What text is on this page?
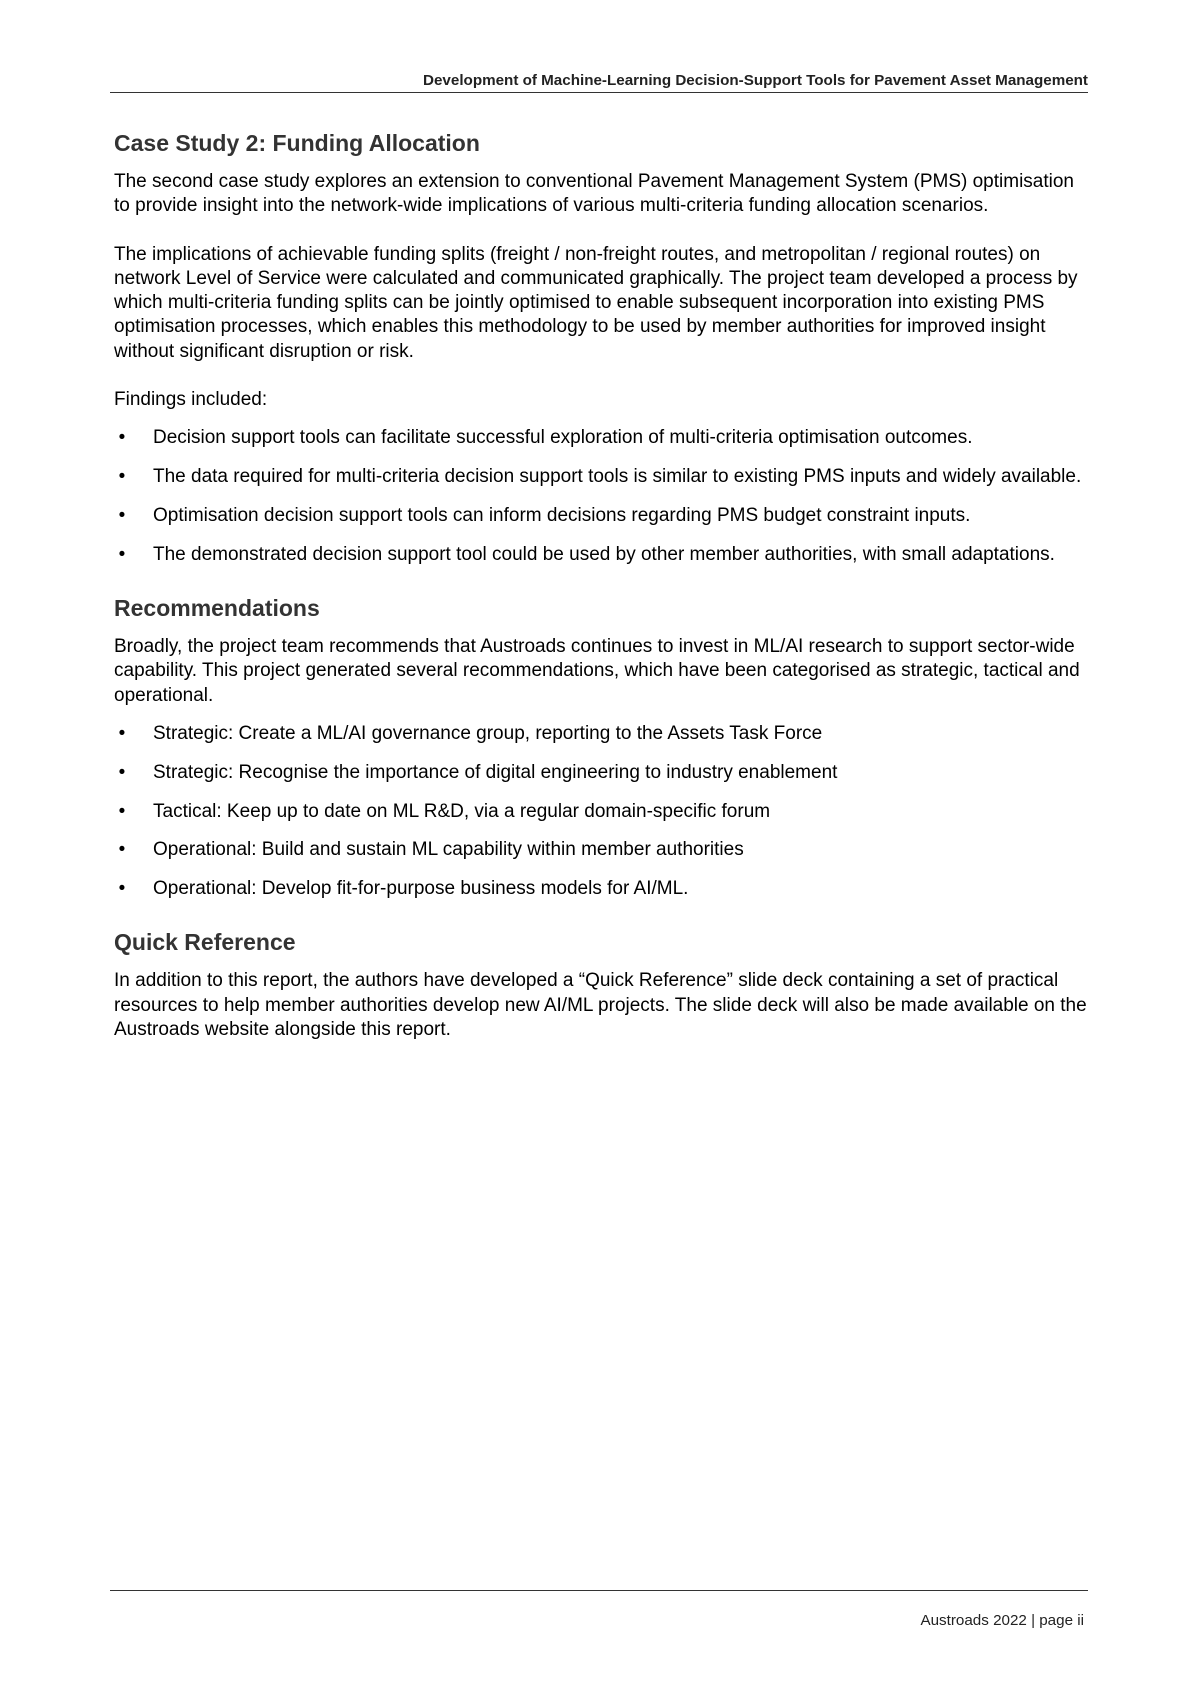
Development of Machine-Learning Decision-Support Tools for Pavement Asset Management
Case Study 2: Funding Allocation

The second case study explores an extension to conventional Pavement Management System (PMS) optimisation to provide insight into the network-wide implications of various multi-criteria funding allocation scenarios.

The implications of achievable funding splits (freight / non-freight routes, and metropolitan / regional routes) on network Level of Service were calculated and communicated graphically. The project team developed a process by which multi-criteria funding splits can be jointly optimised to enable subsequent incorporation into existing PMS optimisation processes, which enables this methodology to be used by member authorities for improved insight without significant disruption or risk.

Findings included:

• Decision support tools can facilitate successful exploration of multi-criteria optimisation outcomes.
• The data required for multi-criteria decision support tools is similar to existing PMS inputs and widely available.
• Optimisation decision support tools can inform decisions regarding PMS budget constraint inputs.
• The demonstrated decision support tool could be used by other member authorities, with small adaptations.
Recommendations

Broadly, the project team recommends that Austroads continues to invest in ML/AI research to support sector-wide capability. This project generated several recommendations, which have been categorised as strategic, tactical and operational.

• Strategic: Create a ML/AI governance group, reporting to the Assets Task Force
• Strategic: Recognise the importance of digital engineering to industry enablement
• Tactical: Keep up to date on ML R&D, via a regular domain-specific forum
• Operational: Build and sustain ML capability within member authorities
• Operational: Develop fit-for-purpose business models for AI/ML.
Quick Reference

In addition to this report, the authors have developed a “Quick Reference” slide deck containing a set of practical resources to help member authorities develop new AI/ML projects. The slide deck will also be made available on the Austroads website alongside this report.

Austroads 2022 | page ii
